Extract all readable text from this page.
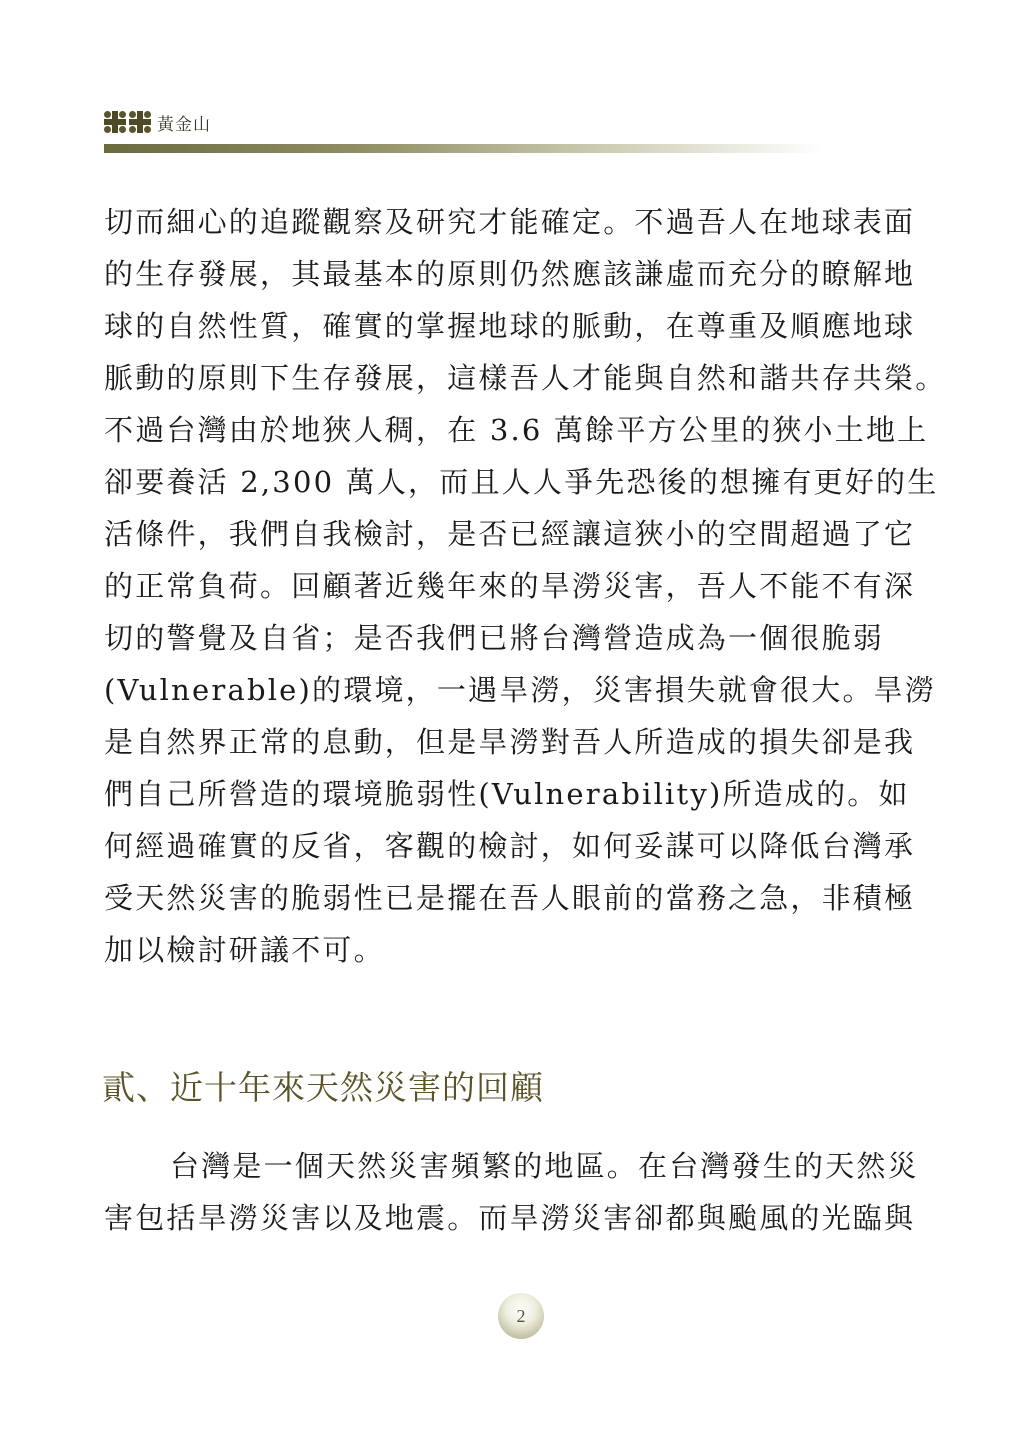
黃金山
切而細心的追蹤觀察及研究才能確定。不過吾人在地球表面
的生存發展，其最基本的原則仍然應該謙虛而充分的瞭解地
球的自然性質，確實的掌握地球的脈動，在尊重及順應地球
脈動的原則下生存發展，這樣吾人才能與自然和諧共存共榮。
不過台灣由於地狹人稠，在 3.6 萬餘平方公里的狹小土地上
卻要養活 2,300 萬人，而且人人爭先恐後的想擁有更好的生
活條件，我們自我檢討，是否已經讓這狹小的空間超過了它
的正常負荷。回顧著近幾年來的旱澇災害，吾人不能不有深
切的警覺及自省；是否我們已將台灣營造成為一個很脆弱
(Vulnerable)的環境，一遇旱澇，災害損失就會很大。旱澇
是自然界正常的息動，但是旱澇對吾人所造成的損失卻是我
們自己所營造的環境脆弱性(Vulnerability)所造成的。如
何經過確實的反省，客觀的檢討，如何妥謀可以降低台灣承
受天然災害的脆弱性已是擺在吾人眼前的當務之急，非積極
加以檢討研議不可。
貳、近十年來天然災害的回顧
台灣是一個天然災害頻繁的地區。在台灣發生的天然災
害包括旱澇災害以及地震。而旱澇災害卻都與颱風的光臨與
2
